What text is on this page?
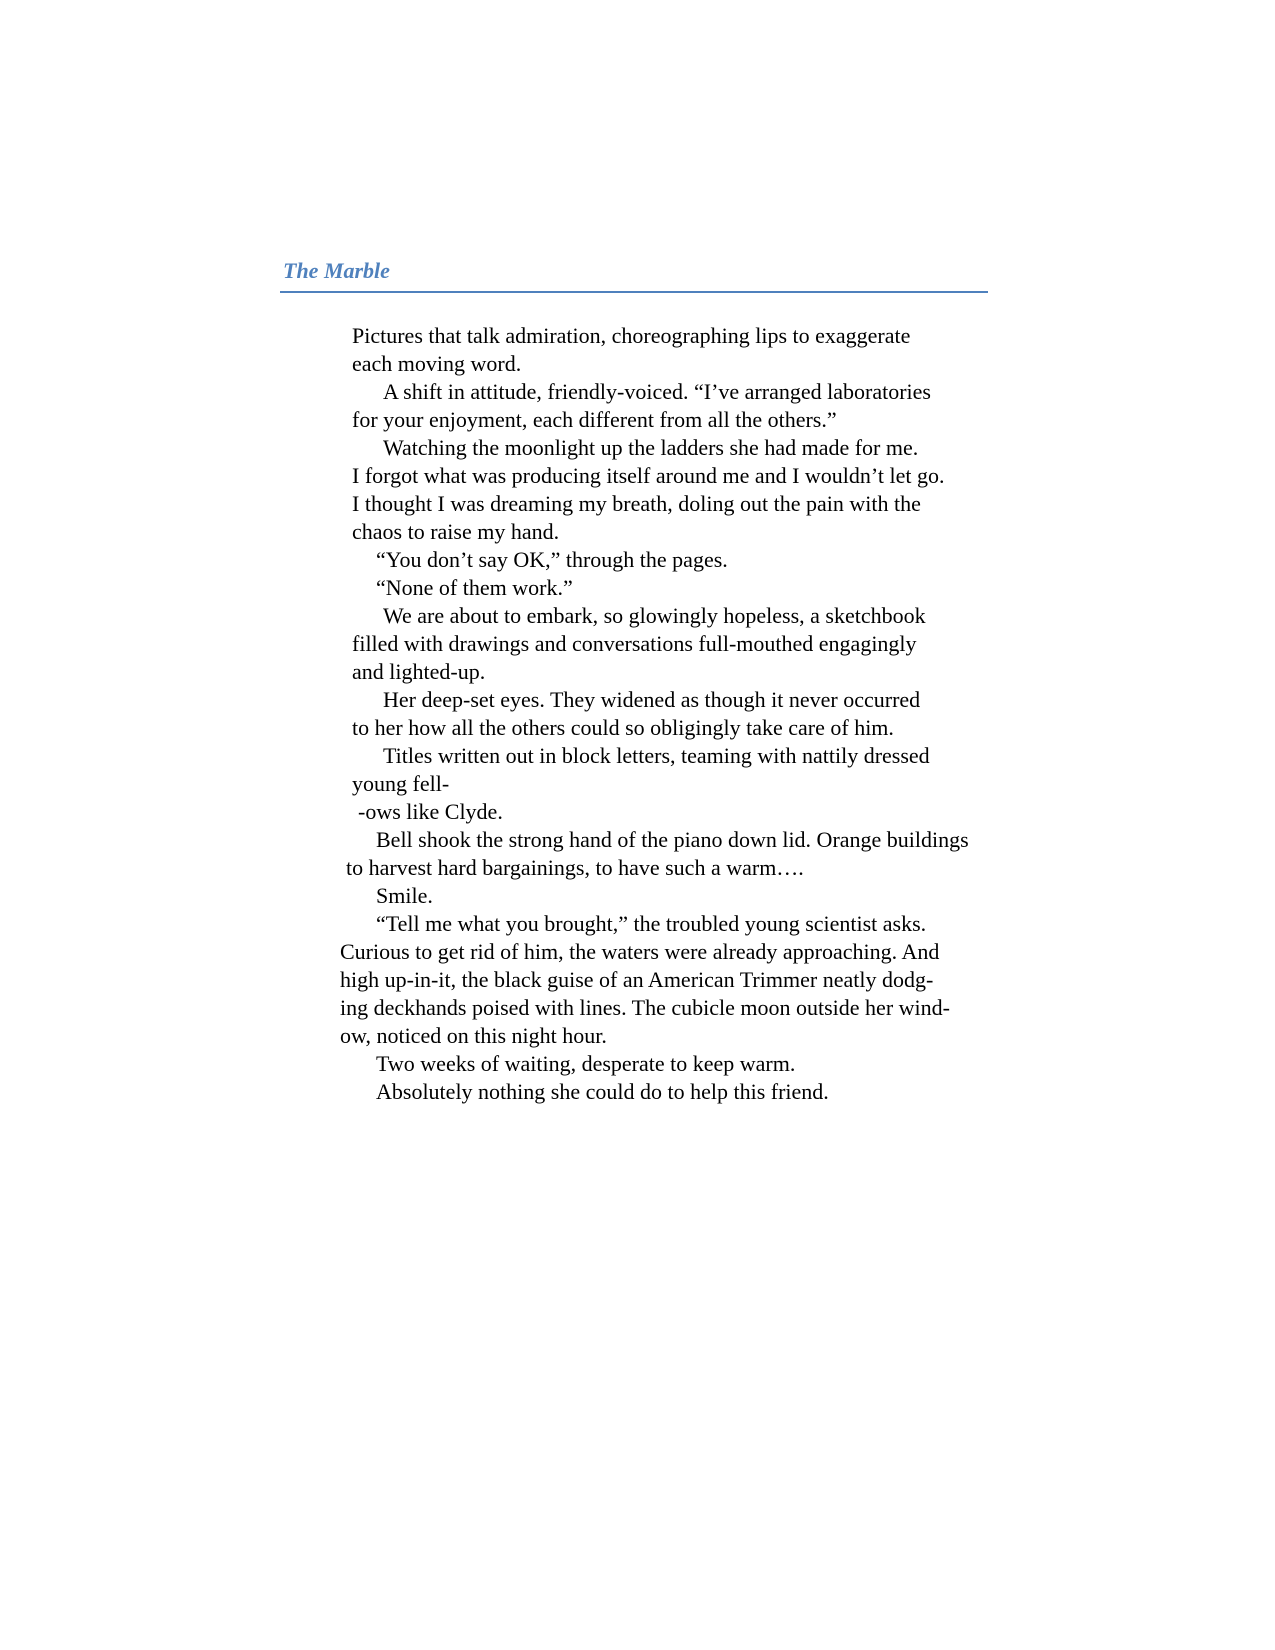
The Marble
Pictures that talk admiration, choreographing lips to exaggerate
each moving word.
A shift in attitude, friendly-voiced. “I’ve arranged laboratories
for your enjoyment, each different from all the others.”
Watching the moonlight up the ladders she had made for me.
I forgot what was producing itself around me and I wouldn’t let go.
I thought I was dreaming my breath, doling out the pain with the
chaos to raise my hand.
“You don’t say OK,” through the pages.
“None of them work.”
We are about to embark, so glowingly hopeless, a sketchbook
filled with drawings and conversations full-mouthed engagingly
and lighted-up.
Her deep-set eyes. They widened as though it never occurred
to her how all the others could so obligingly take care of him.
Titles written out in block letters, teaming with nattily dressed
young fell-
-ows like Clyde.
Bell shook the strong hand of the piano down lid. Orange buildings
to harvest hard bargainings, to have such a warm….
Smile.
“Tell me what you brought,” the troubled young scientist asks.
Curious to get rid of him, the waters were already approaching. And
high up-in-it, the black guise of an American Trimmer neatly dodg-
ing deckhands poised with lines. The cubicle moon outside her wind-
ow, noticed on this night hour.
Two weeks of waiting, desperate to keep warm.
Absolutely nothing she could do to help this friend.
